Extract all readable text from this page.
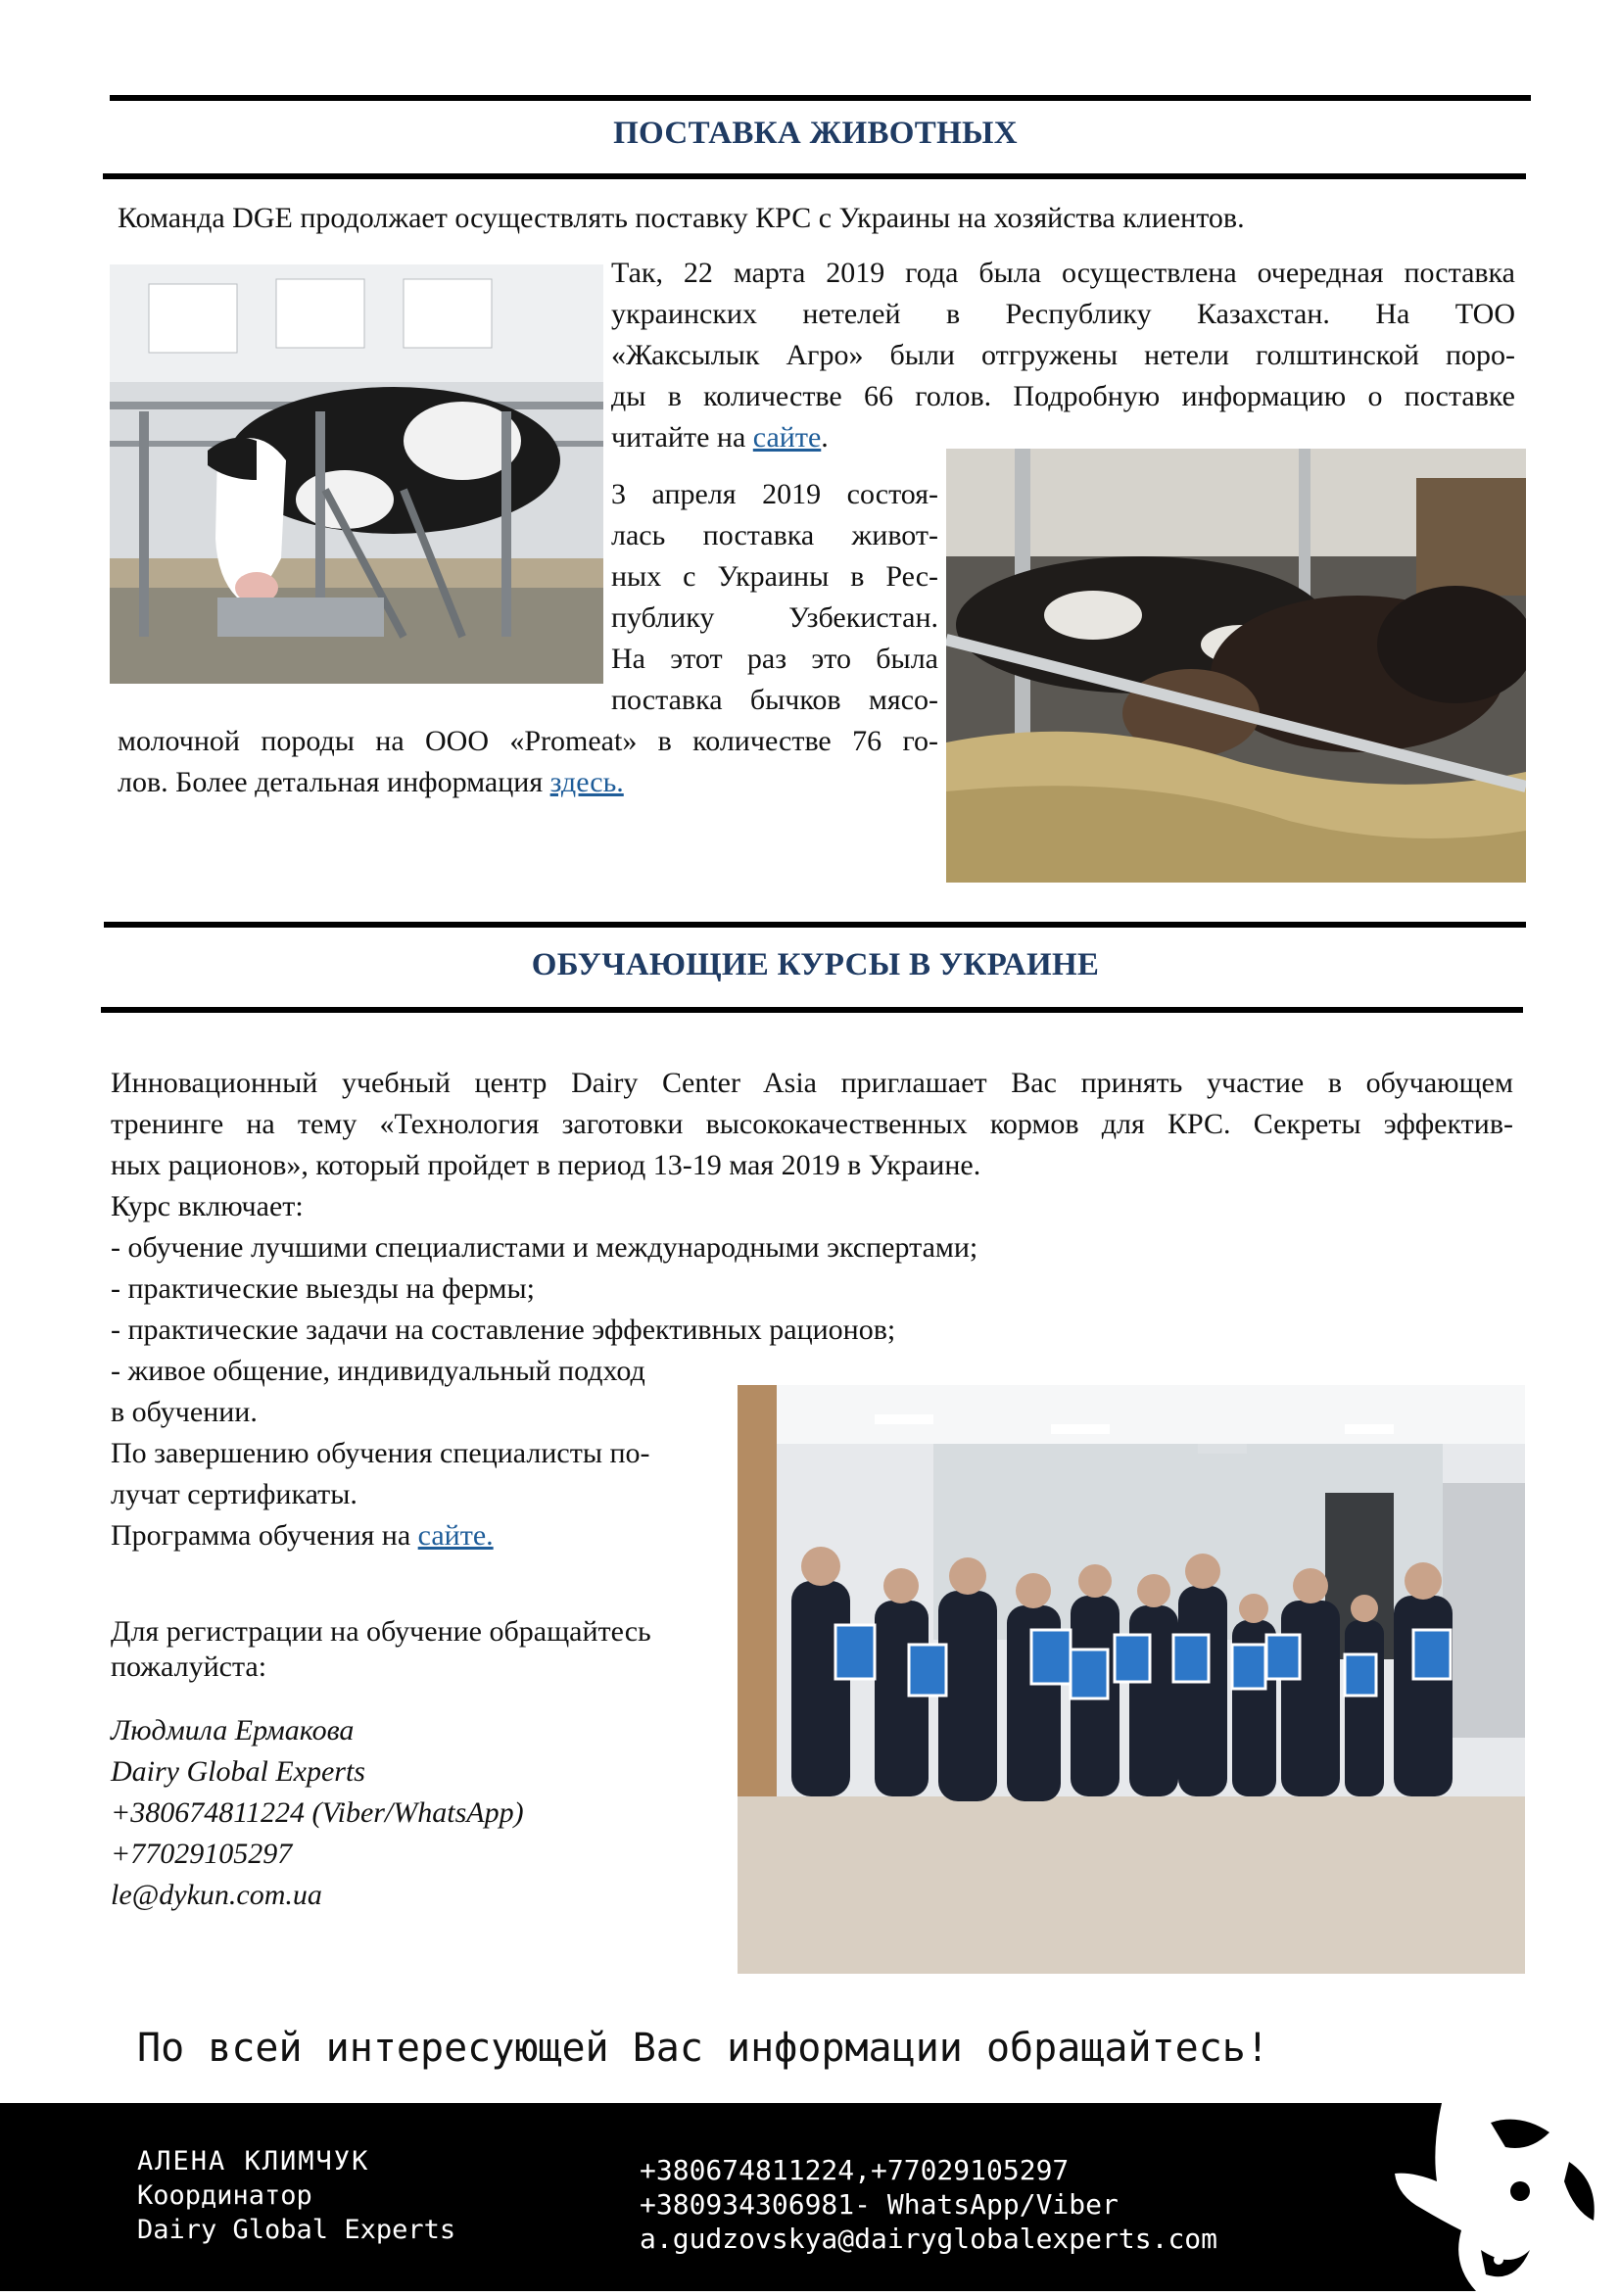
ПОСТАВКА ЖИВОТНЫХ

Команда DGE продолжает осуществлять поставку КРС с Украины на хозяйства клиентов.

Так, 22 марта 2019 года была осуществлена очередная поставка
украинских нетелей в Республику Казахстан. На ТОО
«Жаксылык Агро» были отгружены нетели голштинской поро-
ды в количестве 66 голов. Подробную информацию о поставке
читайте на сайте.
3 апреля 2019 состоя-
лась поставка живот-
ных с Украины в Рес-
публику Узбекистан.
На этот раз это была
поставка бычков мясо-
молочной породы на ООО «Promeat» в количестве 76 го-
лов. Более детальная информация здесь.
ОБУЧАЮЩИЕ КУРСЫ В УКРАИНЕ
Инновационный учебный центр Dairy Center Asia приглашает Вас принять участие в обучающем
тренинге на тему «Технология заготовки высококачественных кормов для КРС. Секреты эффектив-
ных рационов», который пройдет в период 13-19 мая 2019 в Украине.
Курс включает:
- обучение лучшими специалистами и международными экспертами;
- практические выезды на фермы;
- практические задачи на составление эффективных рационов;
- живое общение, индивидуальный подход
в обучении.
По завершению обучения специалисты по-
лучат сертификаты.
Программа обучения на сайте.
Для регистрации на обучение обращайтесь
пожалуйста:
Людмила Ермакова
Dairy Global Experts
+380674811224 (Viber/WhatsApp)
+77029105297
le@dykun.com.ua
По всей интересующей Вас информации обращайтесь!
АЛЕНА КЛИМЧУК
Координатор
Dairy Global Experts
+380674811224,+77029105297
+380934306981- WhatsApp/Viber
a.gudzovskya@dairyglobalexperts.com
